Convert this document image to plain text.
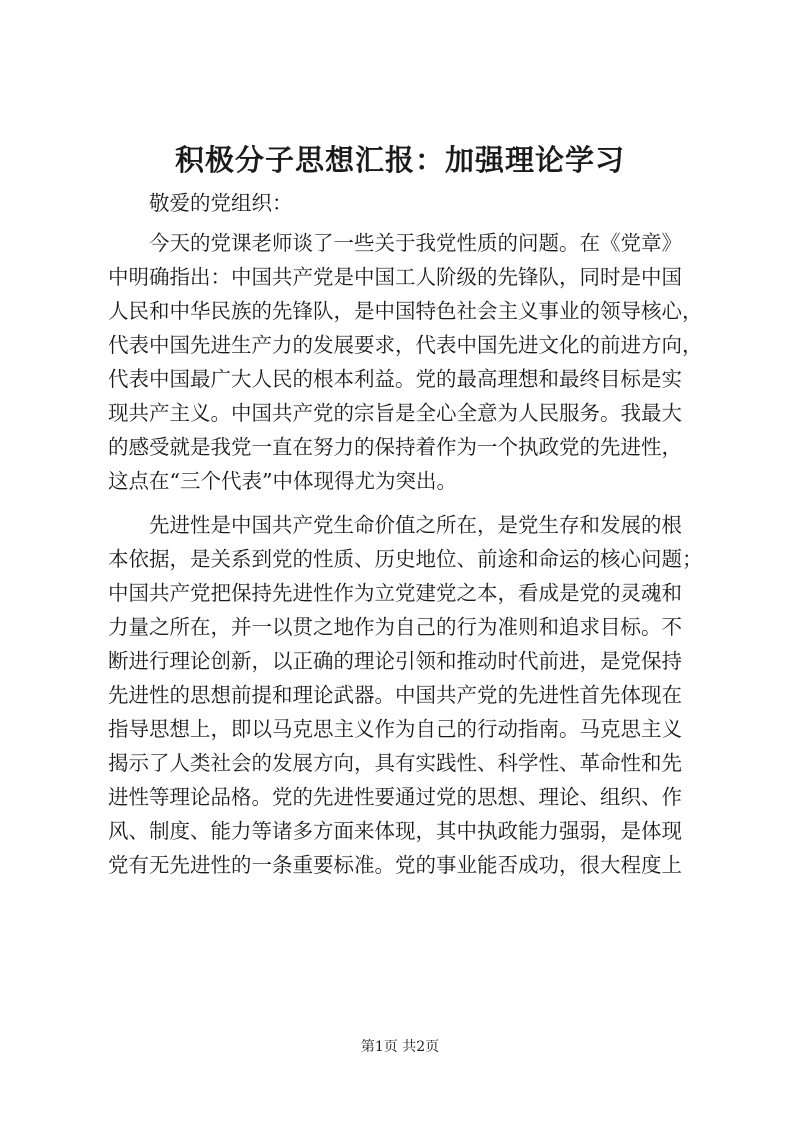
积极分子思想汇报：加强理论学习

敬爱的党组织：

今天的党课老师谈了一些关于我党性质的问题。在《党章》
中明确指出：中国共产党是中国工人阶级的先锋队，同时是中国
人民和中华民族的先锋队，是中国特色社会主义事业的领导核心，
代表中国先进生产力的发展要求，代表中国先进文化的前进方向，
代表中国最广大人民的根本利益。党的最高理想和最终目标是实
现共产主义。中国共产党的宗旨是全心全意为人民服务。我最大
的感受就是我党一直在努力的保持着作为一个执政党的先进性，
这点在“三个代表”中体现得尤为突出。

先进性是中国共产党生命价值之所在，是党生存和发展的根
本依据，是关系到党的性质、历史地位、前途和命运的核心问题；
中国共产党把保持先进性作为立党建党之本，看成是党的灵魂和
力量之所在，并一以贯之地作为自己的行为准则和追求目标。不
断进行理论创新，以正确的理论引领和推动时代前进，是党保持
先进性的思想前提和理论武器。中国共产党的先进性首先体现在
指导思想上，即以马克思主义作为自己的行动指南。马克思主义
揭示了人类社会的发展方向，具有实践性、科学性、革命性和先
进性等理论品格。党的先进性要通过党的思想、理论、组织、作
风、制度、能力等诸多方面来体现，其中执政能力强弱，是体现
党有无先进性的一条重要标准。党的事业能否成功，很大程度上

第1页 共2页
